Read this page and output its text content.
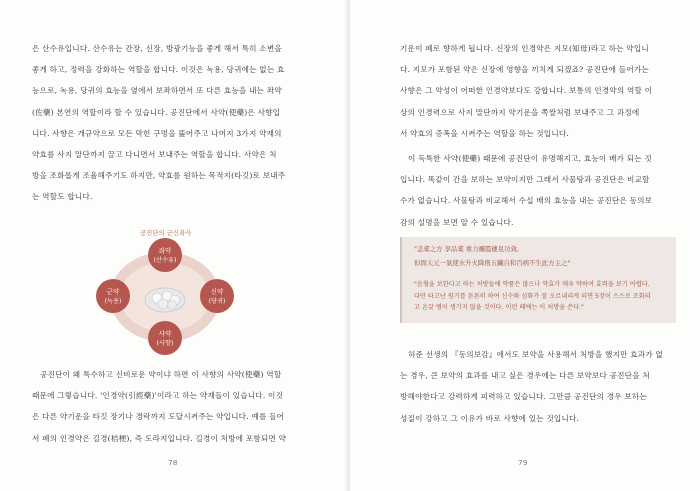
은 산수유입니다. 산수유는 간장, 신장, 방광기능을 좋게 해서 특히 소변을
좋게 하고, 정력을 강화하는 역할을 합니다. 이것은 녹용, 당귀에는 없는 효
능으로, 녹용, 당귀의 효능을 옆에서 보좌하면서 또 다른 효능을 내는 좌약
(佐藥) 본연의 역할이라 할 수 있습니다. 공진단에서 사약(使藥)은 사향입
니다. 사향은 개규약으로 모든 막힌 구멍을 뚫어주고 나머지 3가지 약재의
약효를 사지 말단까지 끌고 다니면서 보내주는 역할을 합니다. 사약은 처
방을 조화롭게 조율해주기도 하지만, 약효를 원하는 목적지(타깃)로 보내주
는 역할도 합니다.
공진단의 군신좌사
좌약
(산수유)
군약
(녹용)
신약
(당귀)
사약
(사향)
공진단이 왜 특수하고 신비로운 약이냐 하면 이 사향의 사약(使藥) 역할
때문에 그렇습니다. '인경약(引經藥)'이라고 하는 약재들이 있습니다. 이것
은 다른 약기운을 타깃 장기나 경락까지 도달시켜주는 약입니다. 예를 들어
서 폐의 인경약은 길경(桔梗), 즉 도라지입니다. 길경이 처방에 포함되면 약
78
기운이 폐로 향하게 됩니다. 신장의 인경약은 지모(知母)라고 하는 약입니
다. 지모가 포함된 약은 신장에 영향을 끼치게 되겠죠? 공진단에 들어가는
사향은 그 약성이 어떠한 인경약보다도 강합니다. 보통의 인경약의 역할 이
상의 인경력으로 사지 말단까지 약기운을 쪽쌀처럼 보내주고 그 과정에
서 약효의 증폭을 시켜주는 역할을 하는 것입니다.
이 독특한 사약(使藥) 때문에 공진단이 유명해지고, 효능이 배가 되는 것
입니다. 똑같이 간을 보하는 보약이지만 그래서 사물탕과 공진단은 비교할
수가 없습니다. 사물탕과 비교해서 수십 배의 효능을 내는 공진단은 동의보
감의 설명을 보면 알 수 있습니다.
"盖稟之方 享品稟 重力禰霞穗見功效,
但固天元一氣使水升火降則五臟自和百病不生此方主之"
"음혈을 보한다고 하는 처방들에 약품은 많으나 약효가 매우 약하여 효력을 보기 어렵다.
다만 타고난 원기를 튼튼히 하여 신수와 심화가 잘 오르내리게 되면 5장이 스스로 조화되
고 온갖 병이 생기지 않을 것이다. 이런 때에는 이 처방을 쓴다."
허준 선생의 『동의보감』에서도 보약을 사용해서 처방을 했지만 효과가 없
는 경우, 큰 보약의 효과를 내고 싶은 경우에는 다른 보약보다 공진단을 처
방해야한다고 강력하게 피력하고 있습니다. 그만큼 공진단의 경우 보하는
성질이 강하고 그 이유가 바로 사향에 있는 것입니다.
79
